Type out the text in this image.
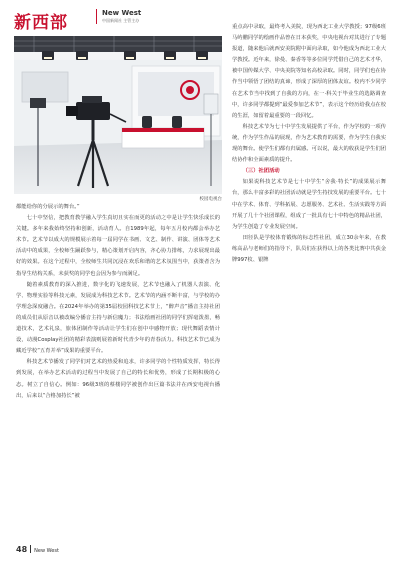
新西部	New West
中国新闻社 主管主办
校园电视台

都能给你的分展示的舞台。”

七十中坚信，把教育教学融入学生真切且实在而更的活动之中是让学生快乐成长的关键。多年来我始终坚持和创新，活动育人。自1989年起，每年五月校内都会举办艺术节。艺术节以成大的规模展示着每一届同学在书画、文艺、制作、讲演、团体等艺术活动中的成果，全校师生踊跃参与，精心策划开启内容，齐心协力排练，力求展现出最好的效果。在这个过程中，全校师生共同沉浸在欢乐和谐的艺术氛围当中，获策者含为指导生结构关系，未获奖的同学也会因为参与而满足。

随着素质教育的深入推进，数字化的飞速发展，艺术节也融入了机器人表演、化学、物理实验等科技元素，发展成为科技艺术节。艺术节的内涵不断丰富，与学校的办学理念深度融合。在2024年举办的第35届校园科技艺术节上，“醉声音”播音主持社团的成员们从原音以被改编分播音主持与新信魔力；书法绘画社团的同学们挥毫泼墨，畅道技术，艺术礼泉，旅体团制作等活动让学生们在创中中感物开放；现代舞蹈表情计设，动漫Cosplay社团的精彩表演则展着新时代青少年的青春活力。科技艺术节已成为藏近学校“五育并举”成果的重要平台。

科技艺术节播发了同学们对艺术的热爱和追求，许多同学的个性特质发挥，特长得到发展，在举办艺术活动的过程当中发展了自己的特长和优势，形成了长期积极的心态。树立了自信心。例如：96级3班的蔡楼同学被创作出巨篇书法并在西安电视台播出，后来以“合格加持长”被

重点高中录取，最终考入美院，现为西北工业大学教授；97级6班马屿鹏同学的绘画作品曾在日本获奖，中央电视台对其进行了专题报道，随来他后就西安美院附中面向录取，如今他成为西北工业大学教授。近年来，徐曼、秦香等等多位同学凭借自己的艺术才华，被中国传媒大学、中央美院等知名高校录取。同时，同学们也在协作当中领悟了团结的真谛，形成了深厚的团体友谊。校内不少同学在艺术节当中找到了自我的方向，在一·科关于毕业生的选路调查中，许多同学都提到“最爱参加艺术节”，表示这个经历给我点在校的生涯，如留着最重要的一段回忆。

科技艺术节为七十中学生发展提供了平台，作为学校的一项传统，作为学生作品的展现，作为艺术教育的需要，作为学生自我实现的舞台。使学生们都有归属感。可以说，最大的收获是学生们团结协作和全面素质的提升。

（三）社团活动

如果说科技艺术节是七十中学生“舍我·特长”的成果展示舞台，那么丰富多彩的社团活动就是学生持技发展的重要平台。七十中在学术、体育、学科拓展、志愿服务、艺术社、生活实践等方面开展了几十个社团课程，组成了一批具有七十中特色的精品社团，为学生创造了专业发展空间。

田径队是学校体育锻炼的标志性社团，成立30余年来，在教练高品与老师们的指导下，队员们在获得以上的各类比赛中共获金牌997枚、银牌

48 New West
